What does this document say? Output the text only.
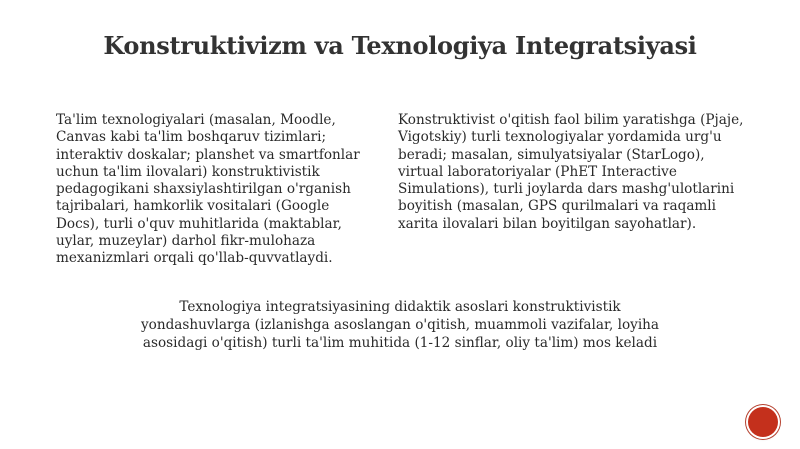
Konstruktivizm va Texnologiya Integratsiyasi
Ta'lim texnologiyalari (masalan, Moodle, Canvas kabi ta'lim boshqaruv tizimlari; interaktiv doskalar; planshet va smartfonlar uchun ta'lim ilovalari) konstruktivistik pedagogikani shaxsiylashtirilgan o'rganish tajribalari, hamkorlik vositalari (Google Docs), turli o'quv muhitlarida (maktablar, uylar, muzeylar) darhol fikr-mulohaza mexanizmlari orqali qo'llab-quvvatlaydi.
Konstruktivist o'qitish faol bilim yaratishga (Pjaje, Vigotskiy) turli texnologiyalar yordamida urg'u beradi; masalan, simulyatsiyalar (StarLogo), virtual laboratoriyalar (PhET Interactive Simulations), turli joylarda dars mashg'ulotlarini boyitish (masalan, GPS qurilmalari va raqamli xarita ilovalari bilan boyitilgan sayohatlar).
Texnologiya integratsiyasining didaktik asoslari konstruktivistik yondashuvlarga (izlanishga asoslangan o'qitish, muammoli vazifalar, loyiha asosidagi o'qitish) turli ta'lim muhitida (1-12 sinflar, oliy ta'lim) mos keladi
